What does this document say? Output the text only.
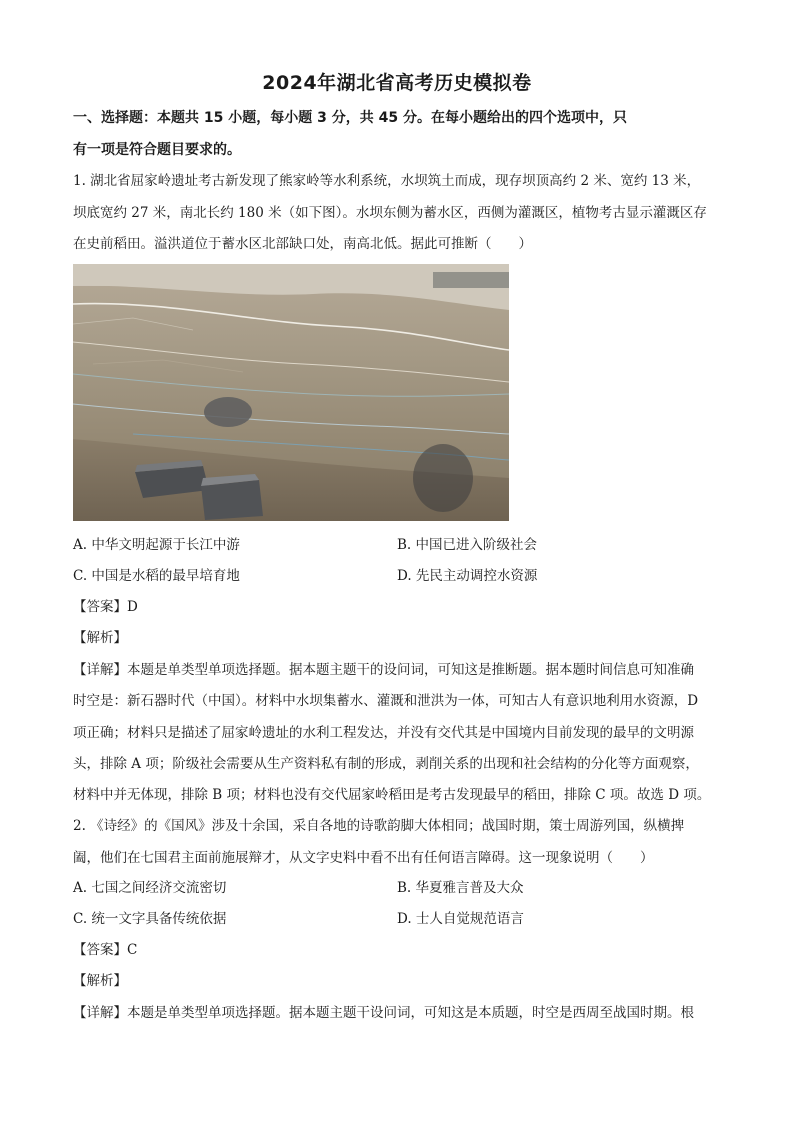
2024年湖北省高考历史模拟卷
一、选择题：本题共 15 小题，每小题 3 分，共 45 分。在每小题给出的四个选项中，只
有一项是符合题目要求的。
1. 湖北省屈家岭遗址考古新发现了熊家岭等水利系统，水坝筑土而成，现存坝顶高约 2 米、宽约 13 米，
坝底宽约 27 米，南北长约 180 米（如下图）。水坝东侧为蓄水区，西侧为灌溉区，植物考古显示灌溉区存
在史前稻田。溢洪道位于蓄水区北部缺口处，南高北低。据此可推断（　　）
A. 中华文明起源于长江中游	B. 中国已进入阶级社会
C. 中国是水稻的最早培育地	D. 先民主动调控水资源
【答案】D
【解析】
【详解】本题是单类型单项选择题。据本题主题干的设问词，可知这是推断题。据本题时间信息可知准确
时空是：新石器时代（中国）。材料中水坝集蓄水、灌溉和泄洪为一体，可知古人有意识地利用水资源，D
项正确；材料只是描述了屈家岭遗址的水利工程发达，并没有交代其是中国境内目前发现的最早的文明源
头，排除 A 项；阶级社会需要从生产资料私有制的形成，剥削关系的出现和社会结构的分化等方面观察，
材料中并无体现，排除 B 项；材料也没有交代屈家岭稻田是考古发现最早的稻田，排除 C 项。故选 D 项。
2. 《诗经》的《国风》涉及十余国，采自各地的诗歌韵脚大体相同；战国时期，策士周游列国，纵横捭
阖，他们在七国君主面前施展辩才，从文字史料中看不出有任何语言障碍。这一现象说明（　　）
A. 七国之间经济交流密切	B. 华夏雅言普及大众
C. 统一文字具备传统依据	D. 士人自觉规范语言
【答案】C
【解析】
【详解】本题是单类型单项选择题。据本题主题干设问词，可知这是本质题，时空是西周至战国时期。根
